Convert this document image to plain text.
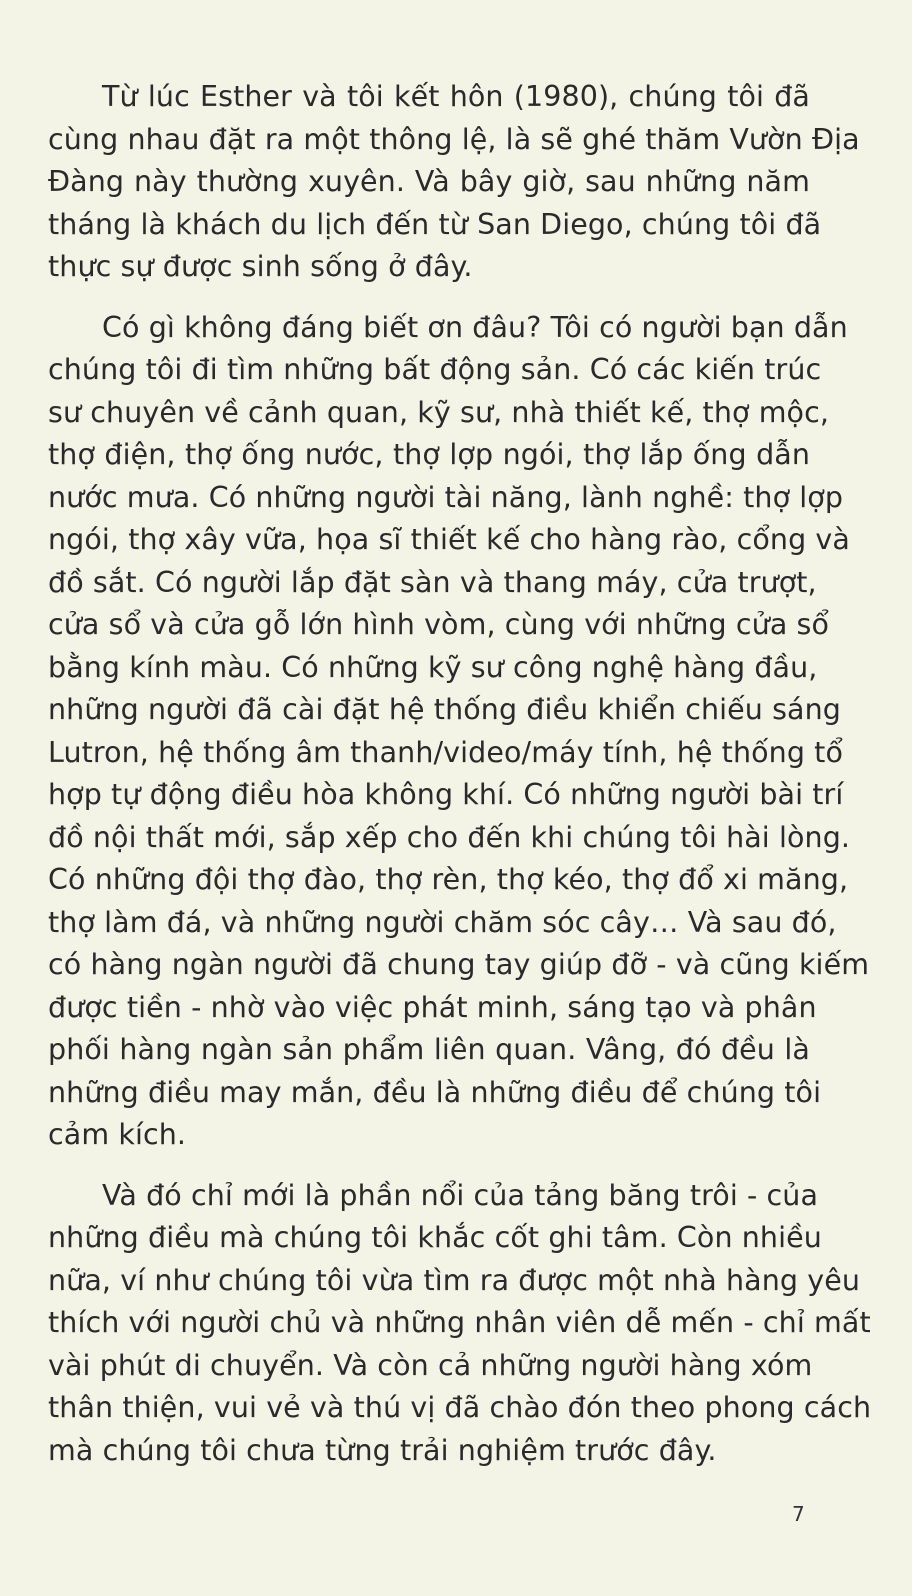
Từ lúc Esther và tôi kết hôn (1980), chúng tôi đã
cùng nhau đặt ra một thông lệ, là sẽ ghé thăm Vườn Địa
Đàng này thường xuyên. Và bây giờ, sau những năm
tháng là khách du lịch đến từ San Diego, chúng tôi đã
thực sự được sinh sống ở đây.
Có gì không đáng biết ơn đâu? Tôi có người bạn dẫn
chúng tôi đi tìm những bất động sản. Có các kiến trúc
sư chuyên về cảnh quan, kỹ sư, nhà thiết kế, thợ mộc,
thợ điện, thợ ống nước, thợ lợp ngói, thợ lắp ống dẫn
nước mưa. Có những người tài năng, lành nghề: thợ lợp
ngói, thợ xây vữa, họa sĩ thiết kế cho hàng rào, cổng và
đồ sắt. Có người lắp đặt sàn và thang máy, cửa trượt,
cửa sổ và cửa gỗ lớn hình vòm, cùng với những cửa sổ
bằng kính màu. Có những kỹ sư công nghệ hàng đầu,
những người đã cài đặt hệ thống điều khiển chiếu sáng
Lutron, hệ thống âm thanh/video/máy tính, hệ thống tổ
hợp tự động điều hòa không khí. Có những người bài trí
đồ nội thất mới, sắp xếp cho đến khi chúng tôi hài lòng.
Có những đội thợ đào, thợ rèn, thợ kéo, thợ đổ xi măng,
thợ làm đá, và những người chăm sóc cây… Và sau đó,
có hàng ngàn người đã chung tay giúp đỡ - và cũng kiếm
được tiền - nhờ vào việc phát minh, sáng tạo và phân
phối hàng ngàn sản phẩm liên quan. Vâng, đó đều là
những điều may mắn, đều là những điều để chúng tôi
cảm kích.
Và đó chỉ mới là phần nổi của tảng băng trôi - của
những điều mà chúng tôi khắc cốt ghi tâm. Còn nhiều
nữa, ví như chúng tôi vừa tìm ra được một nhà hàng yêu
thích với người chủ và những nhân viên dễ mến - chỉ mất
vài phút di chuyển. Và còn cả những người hàng xóm
thân thiện, vui vẻ và thú vị đã chào đón theo phong cách
mà chúng tôi chưa từng trải nghiệm trước đây.
7
